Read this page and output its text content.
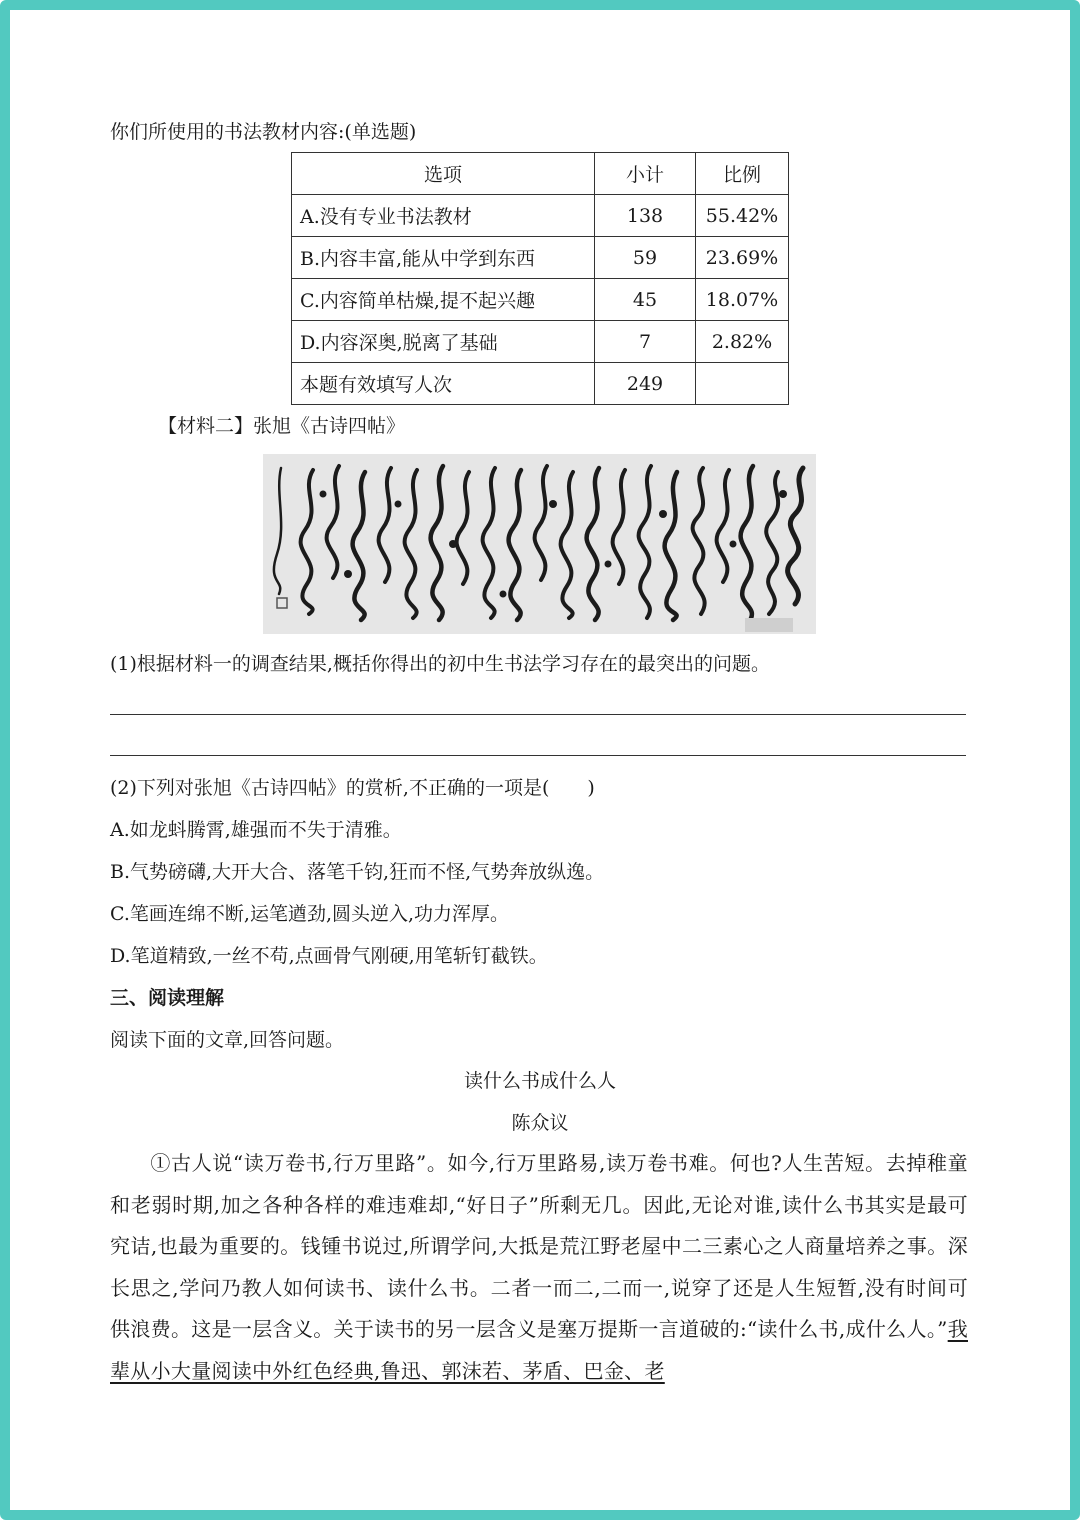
你们所使用的书法教材内容:(单选题)
选项	小计	比例
A.没有专业书法教材	138	55.42%
B.内容丰富,能从中学到东西	59	23.69%
C.内容简单枯燥,提不起兴趣	45	18.07%
D.内容深奥,脱离了基础	7	2.82%
本题有效填写人次	249	
【材料二】张旭《古诗四帖》
(1)根据材料一的调查结果,概括你得出的初中生书法学习存在的最突出的问题。
(2)下列对张旭《古诗四帖》的赏析,不正确的一项是(　　)
A.如龙蚪腾霄,雄强而不失于清雅。
B.气势磅礴,大开大合、落笔千钧,狂而不怪,气势奔放纵逸。
C.笔画连绵不断,运笔遒劲,圆头逆入,功力浑厚。
D.笔道精致,一丝不苟,点画骨气刚硬,用笔斩钉截铁。
三、阅读理解
阅读下面的文章,回答问题。
读什么书成什么人
陈众议
①古人说“读万卷书,行万里路”。如今,行万里路易,读万卷书难。何也?人生苦短。去掉稚童和老弱时期,加之各种各样的难违难却,“好日子”所剩无几。因此,无论对谁,读什么书其实是最可究诘,也最为重要的。钱锺书说过,所谓学问,大抵是荒江野老屋中二三素心之人商量培养之事。深长思之,学问乃教人如何读书、读什么书。二者一而二,二而一,说穿了还是人生短暂,没有时间可供浪费。这是一层含义。关于读书的另一层含义是塞万提斯一言道破的:“读什么书,成什么人。”我辈从小大量阅读中外红色经典,鲁迅、郭沫若、茅盾、巴金、老
